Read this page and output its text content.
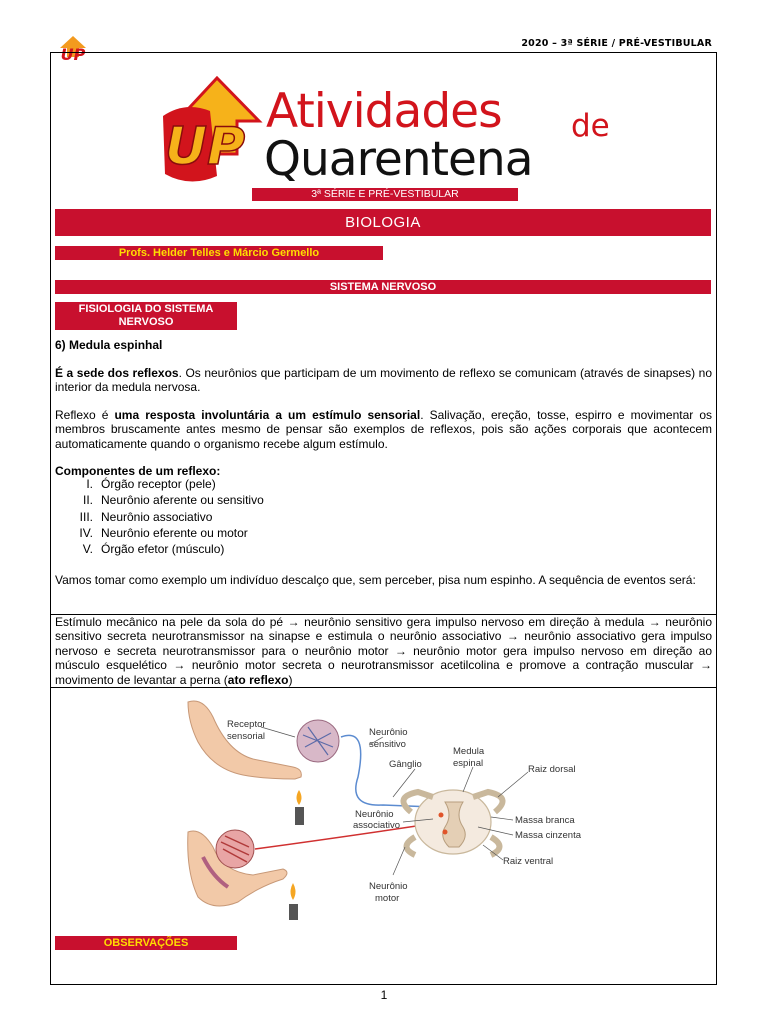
UP
2020 – 3ª SÉRIE / PRÉ-VESTIBULAR
UP
Atividades de
Quarentena
3ª SÉRIE E PRÉ-VESTIBULAR
BIOLOGIA
Profs. Helder Telles e Márcio Germello
SISTEMA NERVOSO
FISIOLOGIA DO SISTEMA NERVOSO
6) Medula espinhal
É a sede dos reflexos. Os neurônios que participam de um movimento de reflexo se comunicam (através de sinapses) no interior da medula nervosa.
Reflexo é uma resposta involuntária a um estímulo sensorial. Salivação, ereção, tosse, espirro e movimentar os membros bruscamente antes mesmo de pensar são exemplos de reflexos, pois são ações corporais que acontecem automaticamente quando o organismo recebe algum estímulo.
Componentes de um reflexo:
I. Órgão receptor (pele)
II. Neurônio aferente ou sensitivo
III. Neurônio associativo
IV. Neurônio eferente ou motor
V. Órgão efetor (músculo)
Vamos tomar como exemplo um indivíduo descalço que, sem perceber, pisa num espinho. A sequência de eventos será:
Estímulo mecânico na pele da sola do pé → neurônio sensitivo gera impulso nervoso em direção à medula → neurônio sensitivo secreta neurotransmissor na sinapse e estimula o neurônio associativo → neurônio associativo gera impulso nervoso e secreta neurotransmissor para o neurônio motor → neurônio motor gera impulso nervoso em direção ao músculo esquelético → neurônio motor secreta o neurotransmissor acetilcolina e promove a contração muscular → movimento de levantar a perna (ato reflexo)
Receptor
sensorial	Neurônio
sensitivo
Gânglio
Medula
espinal
Raiz dorsal
Neurônio
associativo	Massa branca
Massa cinzenta
Raiz ventral
Neurônio
motor
OBSERVAÇÕES
1
